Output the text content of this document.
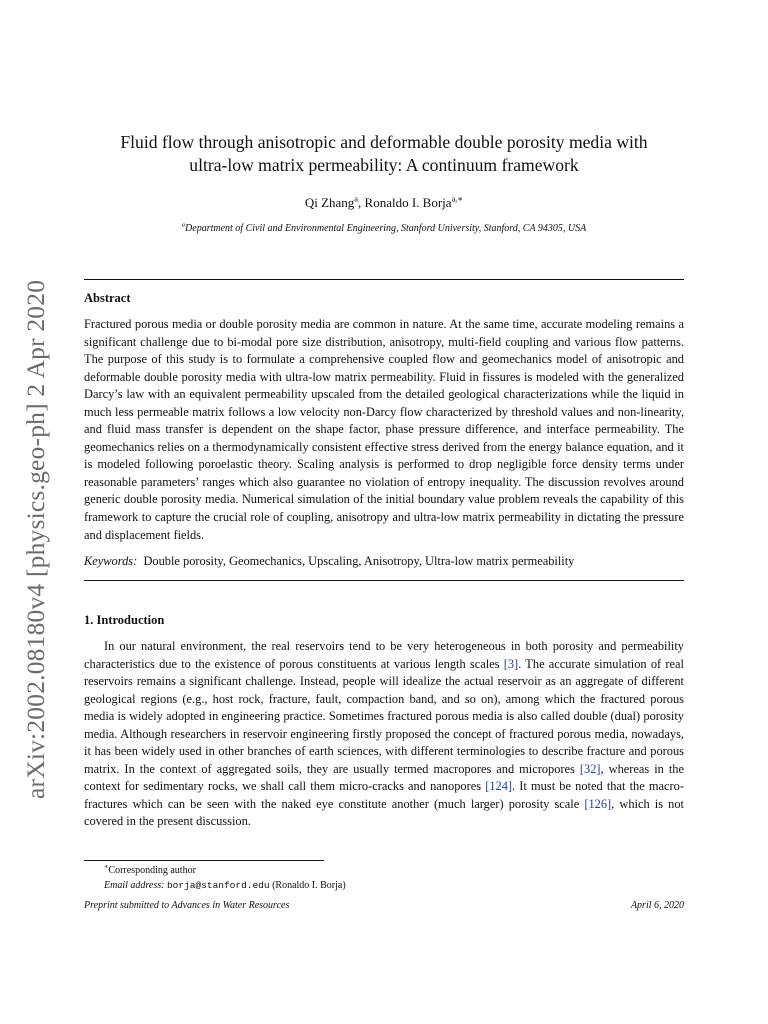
arXiv:2002.08180v4 [physics.geo-ph] 2 Apr 2020
Fluid flow through anisotropic and deformable double porosity media with
ultra-low matrix permeability: A continuum framework
Qi Zhang$^a$, Ronaldo I. Borja$^{a,∗}$
$^a$Department of Civil and Environmental Engineering, Stanford University, Stanford, CA 94305, USA
Abstract
Fractured porous media or double porosity media are common in nature. At the same time, accurate modeling remains a significant challenge due to bi-modal pore size distribution, anisotropy, multi-field coupling and various flow patterns. The purpose of this study is to formulate a comprehensive coupled flow and geomechanics model of anisotropic and deformable double porosity media with ultra-low matrix permeability. Fluid in fissures is modeled with the generalized Darcy’s law with an equivalent permeability upscaled from the detailed geological characterizations while the liquid in much less permeable matrix follows a low velocity non-Darcy flow characterized by threshold values and non-linearity, and fluid mass transfer is dependent on the shape factor, phase pressure difference, and interface permeability. The geomechanics relies on a thermodynamically consistent effective stress derived from the energy balance equation, and it is modeled following poroelastic theory. Scaling analysis is performed to drop negligible force density terms under reasonable parameters’ ranges which also guarantee no violation of entropy inequality. The discussion revolves around generic double porosity media. Numerical simulation of the initial boundary value problem reveals the capability of this framework to capture the crucial role of coupling, anisotropy and ultra-low matrix permeability in dictating the pressure and displacement fields.
Keywords: Double porosity, Geomechanics, Upscaling, Anisotropy, Ultra-low matrix permeability
1. Introduction
In our natural environment, the real reservoirs tend to be very heterogeneous in both porosity and permeability characteristics due to the existence of porous constituents at various length scales [3]. The accurate simulation of real reservoirs remains a significant challenge. Instead, people will idealize the actual reservoir as an aggregate of different geological regions (e.g., host rock, fracture, fault, compaction band, and so on), among which the fractured porous media is widely adopted in engineering practice. Sometimes fractured porous media is also called double (dual) porosity media. Although researchers in reservoir engineering firstly proposed the concept of fractured porous media, nowadays, it has been widely used in other branches of earth sciences, with different terminologies to describe fracture and porous matrix. In the context of aggregated soils, they are usually termed macropores and micropores [32], whereas in the context for sedimentary rocks, we shall call them micro-cracks and nanopores [124]. It must be noted that the macro-fractures which can be seen with the naked eye constitute another (much larger) porosity scale [126], which is not covered in the present discussion.
∗Corresponding author
Email address: borja@stanford.edu (Ronaldo I. Borja)
Preprint submitted to Advances in Water Resources	April 6, 2020
